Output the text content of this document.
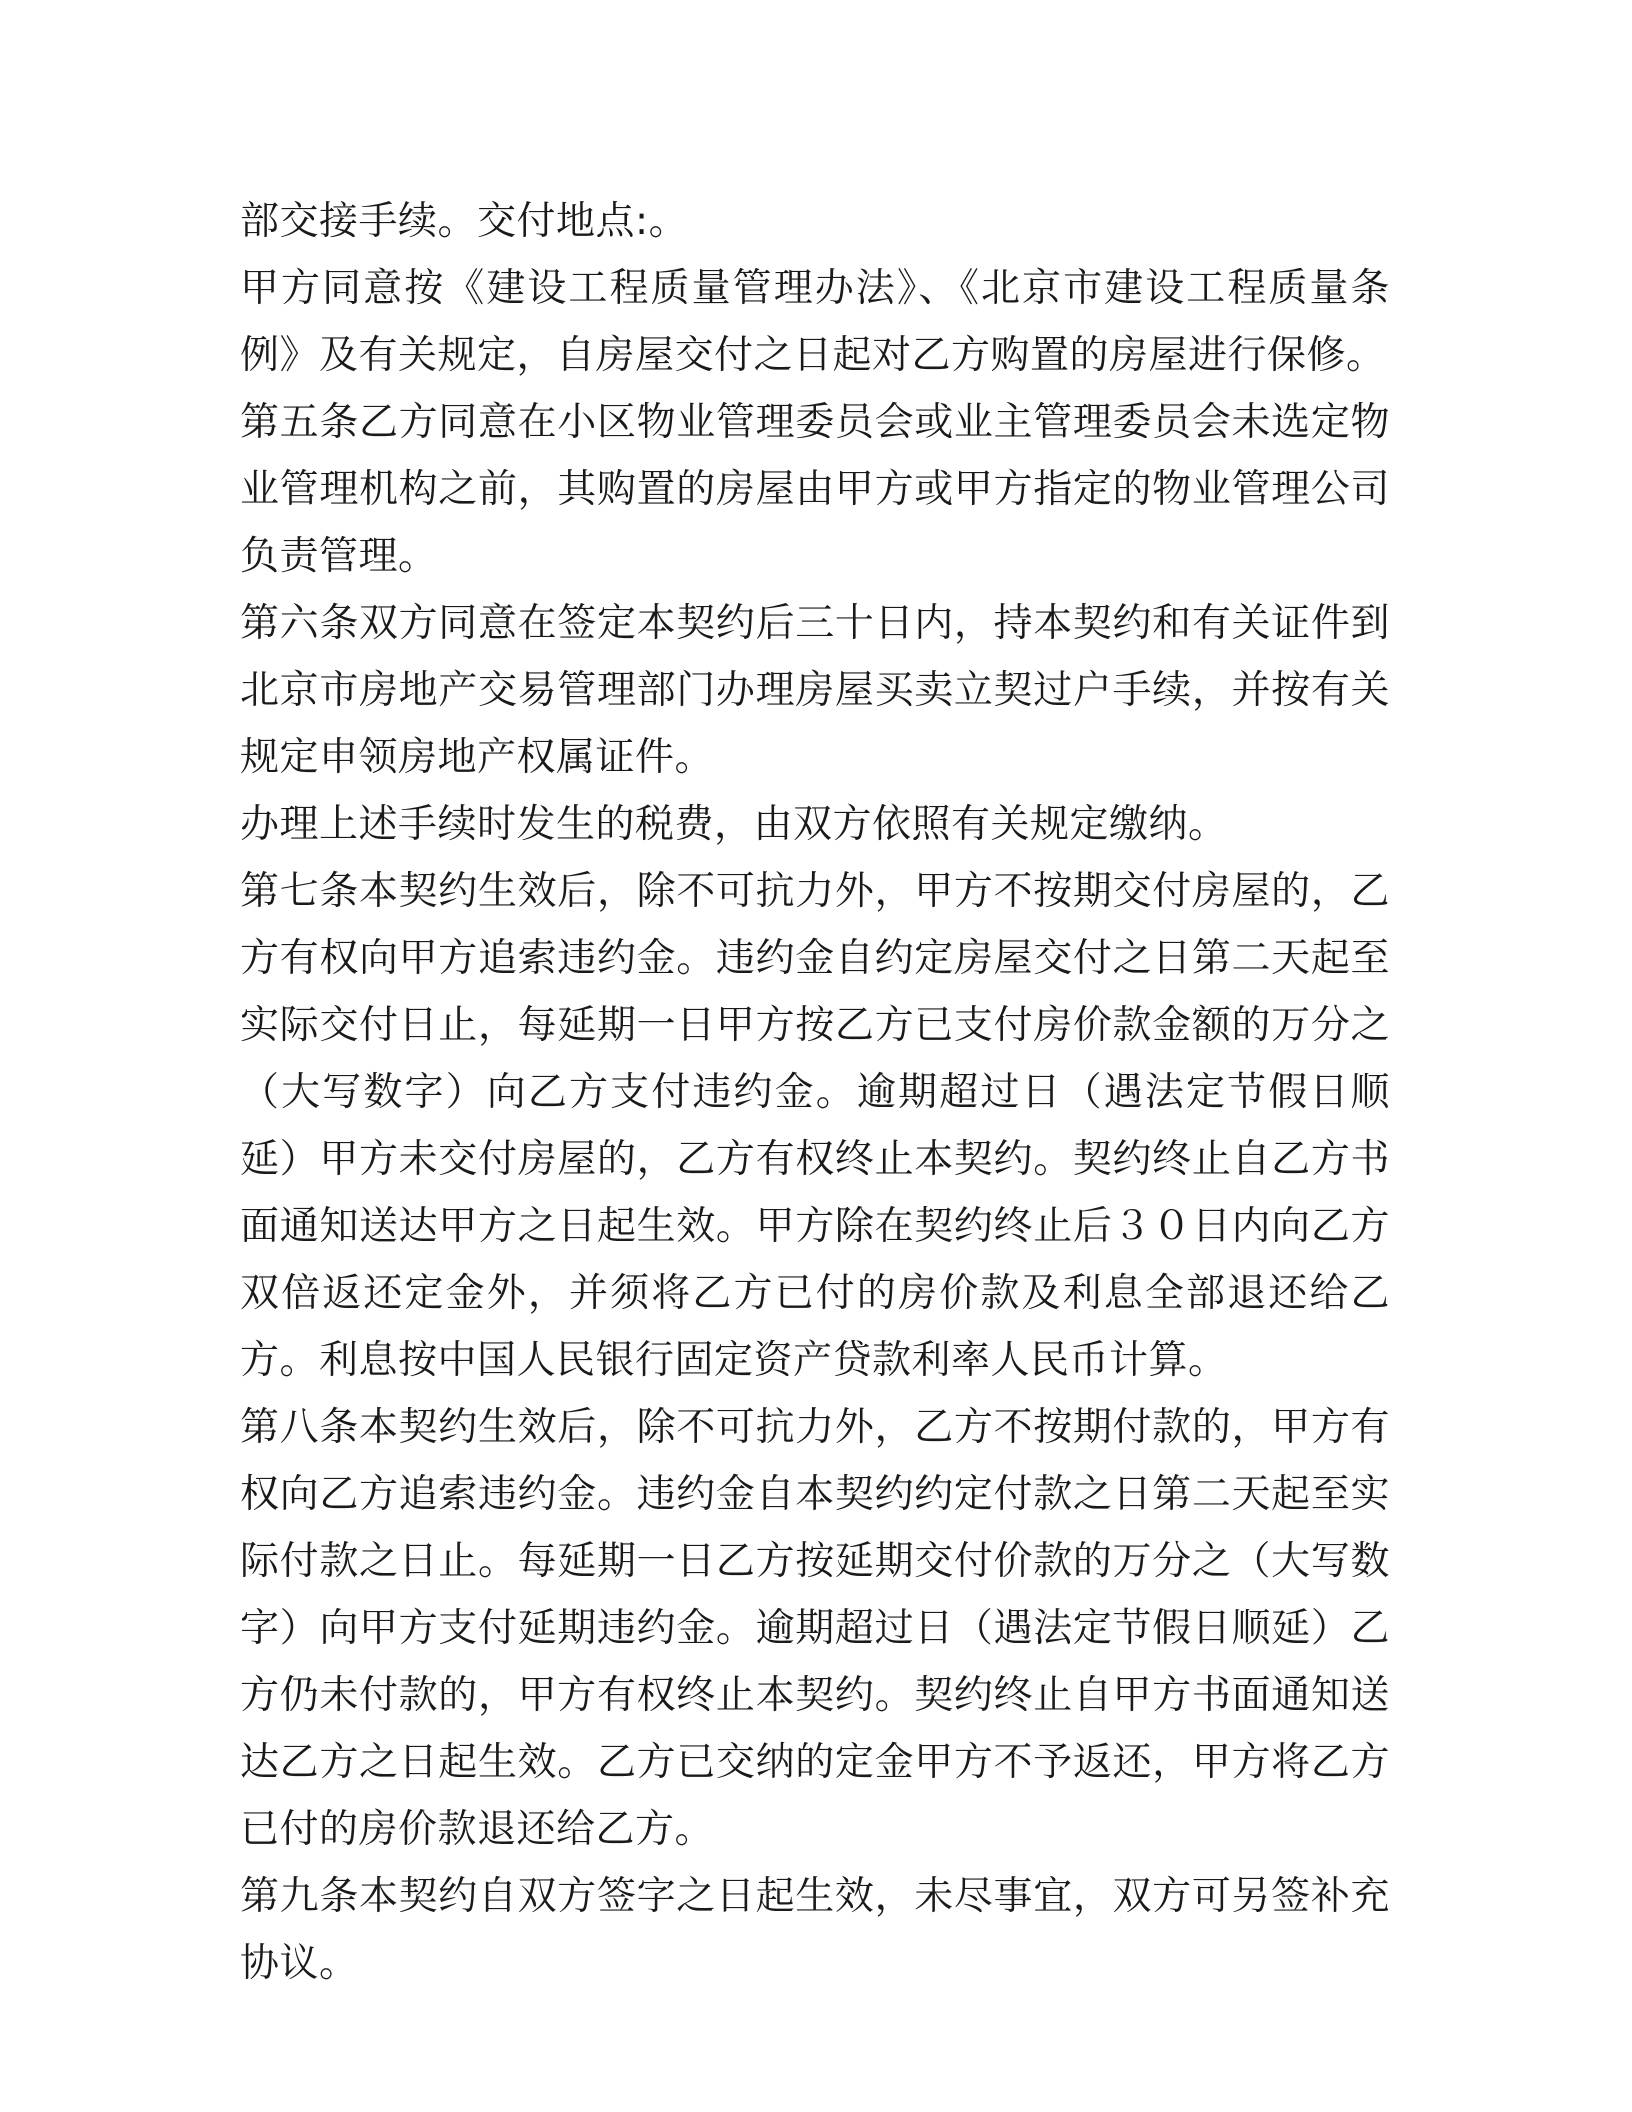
部交接手续。交付地点:。

甲方同意按《建设工程质量管理办法》、《北京市建设工程质量条例》及有关规定，自房屋交付之日起对乙方购置的房屋进行保修。

第五条乙方同意在小区物业管理委员会或业主管理委员会未选定物业管理机构之前，其购置的房屋由甲方或甲方指定的物业管理公司负责管理。

第六条双方同意在签定本契约后三十日内，持本契约和有关证件到北京市房地产交易管理部门办理房屋买卖立契过户手续，并按有关规定申领房地产权属证件。

办理上述手续时发生的税费，由双方依照有关规定缴纳。

第七条本契约生效后，除不可抗力外，甲方不按期交付房屋的，乙方有权向甲方追索违约金。违约金自约定房屋交付之日第二天起至实际交付日止，每延期一日甲方按乙方已支付房价款金额的万分之（大写数字）向乙方支付违约金。逾期超过日（遇法定节假日顺延）甲方未交付房屋的，乙方有权终止本契约。契约终止自乙方书面通知送达甲方之日起生效。甲方除在契约终止后３０日内向乙方双倍返还定金外，并须将乙方已付的房价款及利息全部退还给乙方。利息按中国人民银行固定资产贷款利率人民币计算。

第八条本契约生效后，除不可抗力外，乙方不按期付款的，甲方有权向乙方追索违约金。违约金自本契约约定付款之日第二天起至实际付款之日止。每延期一日乙方按延期交付价款的万分之（大写数字）向甲方支付延期违约金。逾期超过日（遇法定节假日顺延）乙方仍未付款的，甲方有权终止本契约。契约终止自甲方书面通知送达乙方之日起生效。乙方已交纳的定金甲方不予返还，甲方将乙方已付的房价款退还给乙方。

第九条本契约自双方签字之日起生效，未尽事宜，双方可另签补充协议。
